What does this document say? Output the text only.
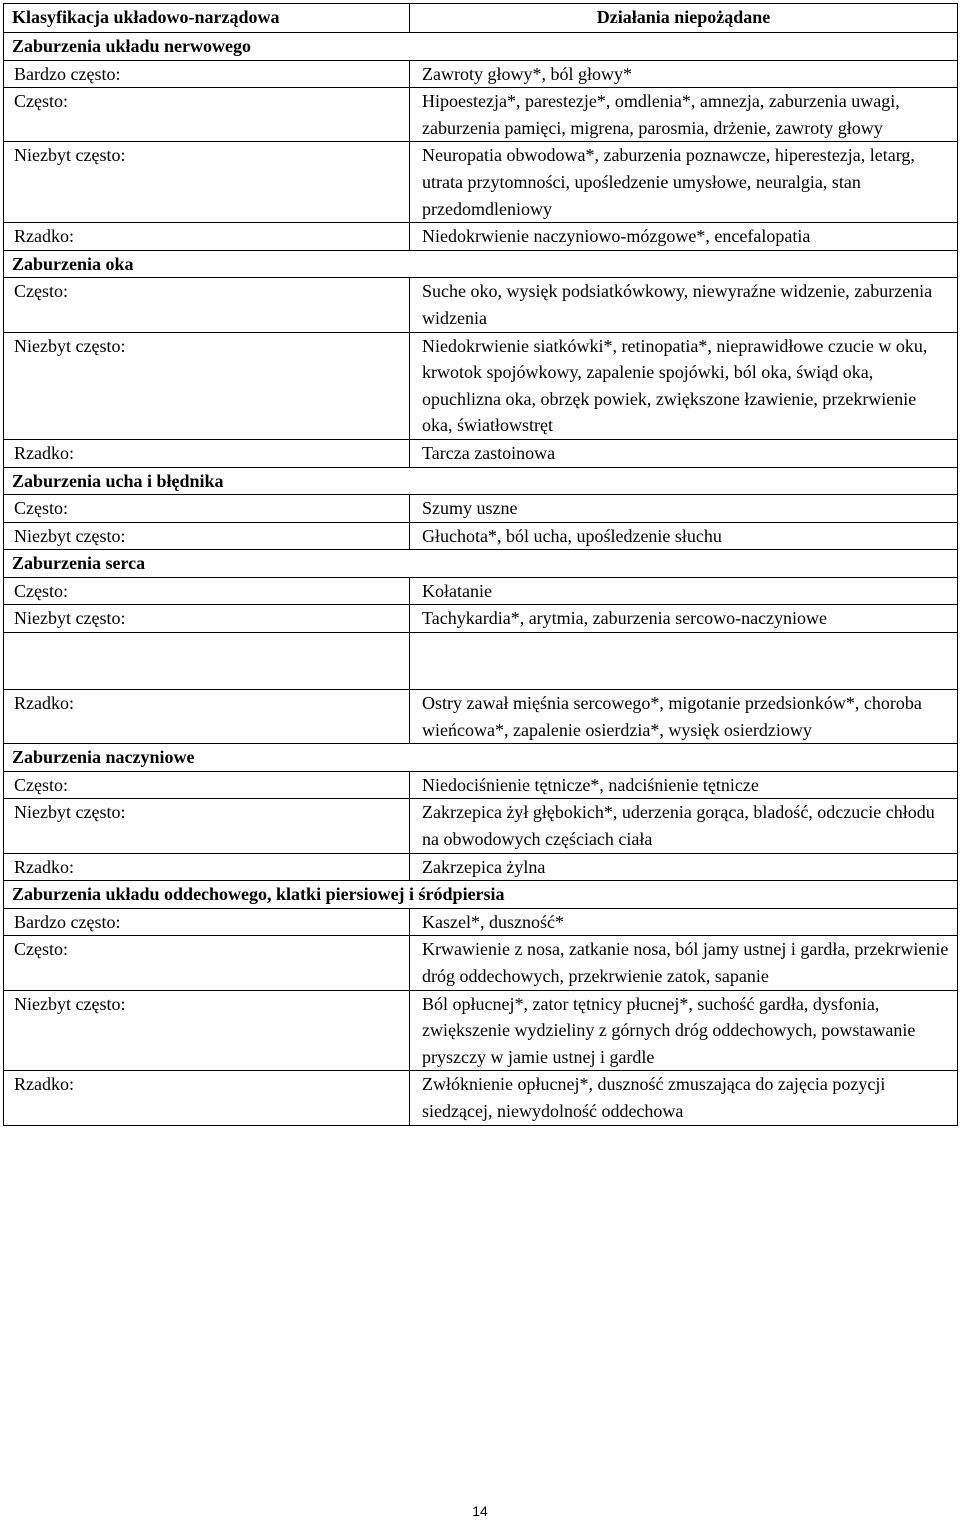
Klasyfikacja układowo-narządowa	Działania niepożądane
Zaburzenia układu nerwowego	
Bardzo często:	Zawroty głowy*, ból głowy*
Często:	Hipoestezja*, parestezje*, omdlenia*, amnezja, zaburzenia uwagi, zaburzenia pamięci, migrena, parosmia, drżenie, zawroty głowy
Niezbyt często:	Neuropatia obwodowa*, zaburzenia poznawcze, hiperestezja, letarg, utrata przytomności, upośledzenie umysłowe, neuralgia, stan przedomdleniowy
Rzadko:	Niedokrwienie naczyniowo-mózgowe*, encefalopatia
Zaburzenia oka	
Często:	Suche oko, wysięk podsiatkówkowy, niewyraźne widzenie, zaburzenia widzenia
Niezbyt często:	Niedokrwienie siatkówki*, retinopatia*, nieprawidłowe czucie w oku, krwotok spojówkowy, zapalenie spojówki, ból oka, świąd oka, opuchlizna oka, obrzęk powiek, zwiększone łzawienie, przekrwienie oka, światłowstręt
Rzadko:	Tarcza zastoinowa
Zaburzenia ucha i błędnika	
Często:	Szumy uszne
Niezbyt często:	Głuchota*, ból ucha, upośledzenie słuchu
Zaburzenia serca	
Często:	Kołatanie
Niezbyt często:	Tachykardia*, arytmia, zaburzenia sercowo-naczyniowe

Rzadko:	Ostry zawał mięśnia sercowego*, migotanie przedsionków*, choroba wieńcowa*, zapalenie osierdzia*, wysięk osierdziowy
Zaburzenia naczyniowe	
Często:	Niedociśnienie tętnicze*, nadciśnienie tętnicze
Niezbyt często:	Zakrzepica żył głębokich*, uderzenia gorąca, bladość, odczucie chłodu na obwodowych częściach ciała
Rzadko:	Zakrzepica żylna
Zaburzenia układu oddechowego, klatki piersiowej i śródpiersia	
Bardzo często:	Kaszel*, duszność*
Często:	Krwawienie z nosa, zatkanie nosa, ból jamy ustnej i gardła, przekrwienie dróg oddechowych, przekrwienie zatok, sapanie
Niezbyt często:	Ból opłucnej*, zator tętnicy płucnej*, suchość gardła, dysfonia, zwiększenie wydzieliny z górnych dróg oddechowych, powstawanie pryszczy w jamie ustnej i gardle
Rzadko:	Zwłóknienie opłucnej*, duszność zmuszająca do zajęcia pozycji siedzącej, niewydolność oddechowa
14
